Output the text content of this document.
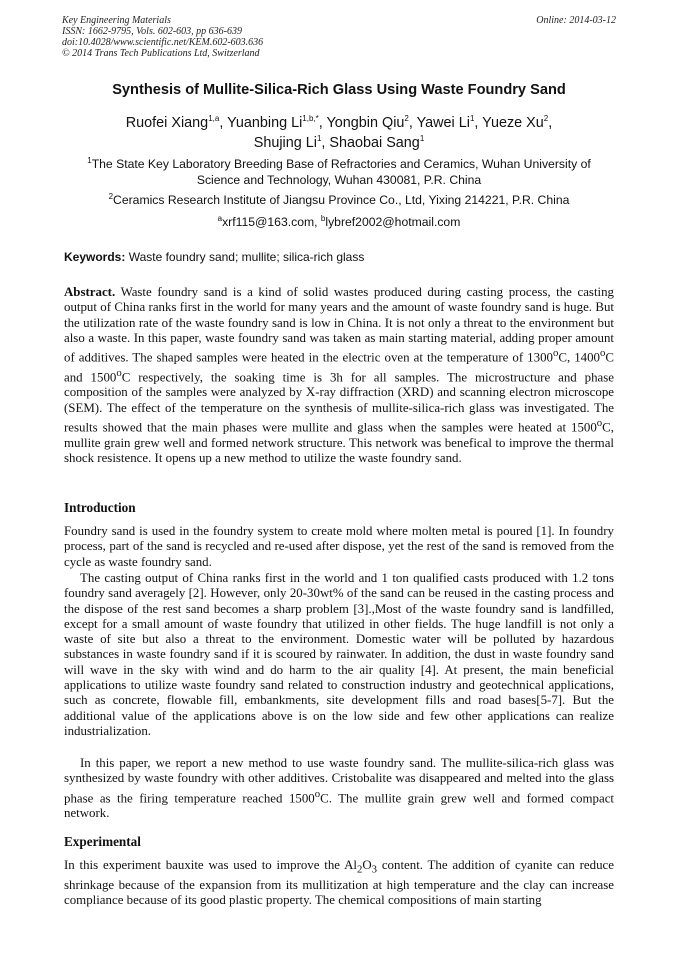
Key Engineering Materials
ISSN: 1662-9795, Vols. 602-603, pp 636-639
doi:10.4028/www.scientific.net/KEM.602-603.636
© 2014 Trans Tech Publications Ltd, Switzerland
Online: 2014-03-12
Synthesis of Mullite-Silica-Rich Glass Using Waste Foundry Sand
Ruofei Xiang$^{1,a}$, Yuanbing $Li^{1,b,*}$, Yongbin Qiu$^2$, Yawei Li$^1$, Yueze Xu$^2$,
Shujing Li$^1$, Shaobai Sang$^1$
$^1$The State Key Laboratory Breeding Base of Refractories and Ceramics, Wuhan University of Science and Technology, Wuhan 430081, P.R. China
$^2$Ceramics Research Institute of Jiangsu Province Co., Ltd, Yixing 214221, P.R. China
$^a$xrf115@163.com, $^b$lybref2002@hotmail.com
Keywords: Waste foundry sand; mullite; silica-rich glass
Abstract. Waste foundry sand is a kind of solid wastes produced during casting process, the casting output of China ranks first in the world for many years and the amount of waste foundry sand is huge. But the utilization rate of the waste foundry sand is low in China. It is not only a threat to the environment but also a waste. In this paper, waste foundry sand was taken as main starting material, adding proper amount of additives. The shaped samples were heated in the electric oven at the temperature of 1300$^o$C, 1400$^o$C and 1500$^o$C respectively, the soaking time is 3h for all samples. The microstructure and phase composition of the samples were analyzed by X-ray diffraction (XRD) and scanning electron microscope (SEM). The effect of the temperature on the synthesis of mullite-silica-rich glass was investigated. The results showed that the main phases were mullite and glass when the samples were heated at 1500$^o$C, mullite grain grew well and formed network structure. This network was benefical to improve the thermal shock resistence. It opens up a new method to utilize the waste foundry sand.
Introduction
Foundry sand is used in the foundry system to create mold where molten metal is poured [1]. In foundry process, part of the sand is recycled and re-used after dispose, yet the rest of the sand is removed from the cycle as waste foundry sand.
The casting output of China ranks first in the world and 1 ton qualified casts produced with 1.2 tons foundry sand averagely [2]. However, only 20-30wt% of the sand can be reused in the casting process and the dispose of the rest sand becomes a sharp problem [3].,Most of the waste foundry sand is landfilled, except for a small amount of waste foundry that utilized in other fields. The huge landfill is not only a waste of site but also a threat to the environment. Domestic water will be polluted by hazardous substances in waste foundry sand if it is scoured by rainwater. In addition, the dust in waste foundry sand will wave in the sky with wind and do harm to the air quality [4]. At present, the main beneficial applications to utilize waste foundry sand related to construction industry and geotechnical applications, such as concrete, flowable fill, embankments, site development fills and road bases[5-7]. But the additional value of the applications above is on the low side and few other applications can realize industrialization.
In this paper, we report a new method to use waste foundry sand. The mullite-silica-rich glass was synthesized by waste foundry with other additives. Cristobalite was disappeared and melted into the glass phase as the firing temperature reached 1500$^o$C. The mullite grain grew well and formed compact network.
Experimental
In this experiment bauxite was used to improve the $Al_2O_3$ content. The addition of cyanite can reduce shrinkage because of the expansion from its mullitization at high temperature and the clay can increase compliance because of its good plastic property. The chemical compositions of main starting
